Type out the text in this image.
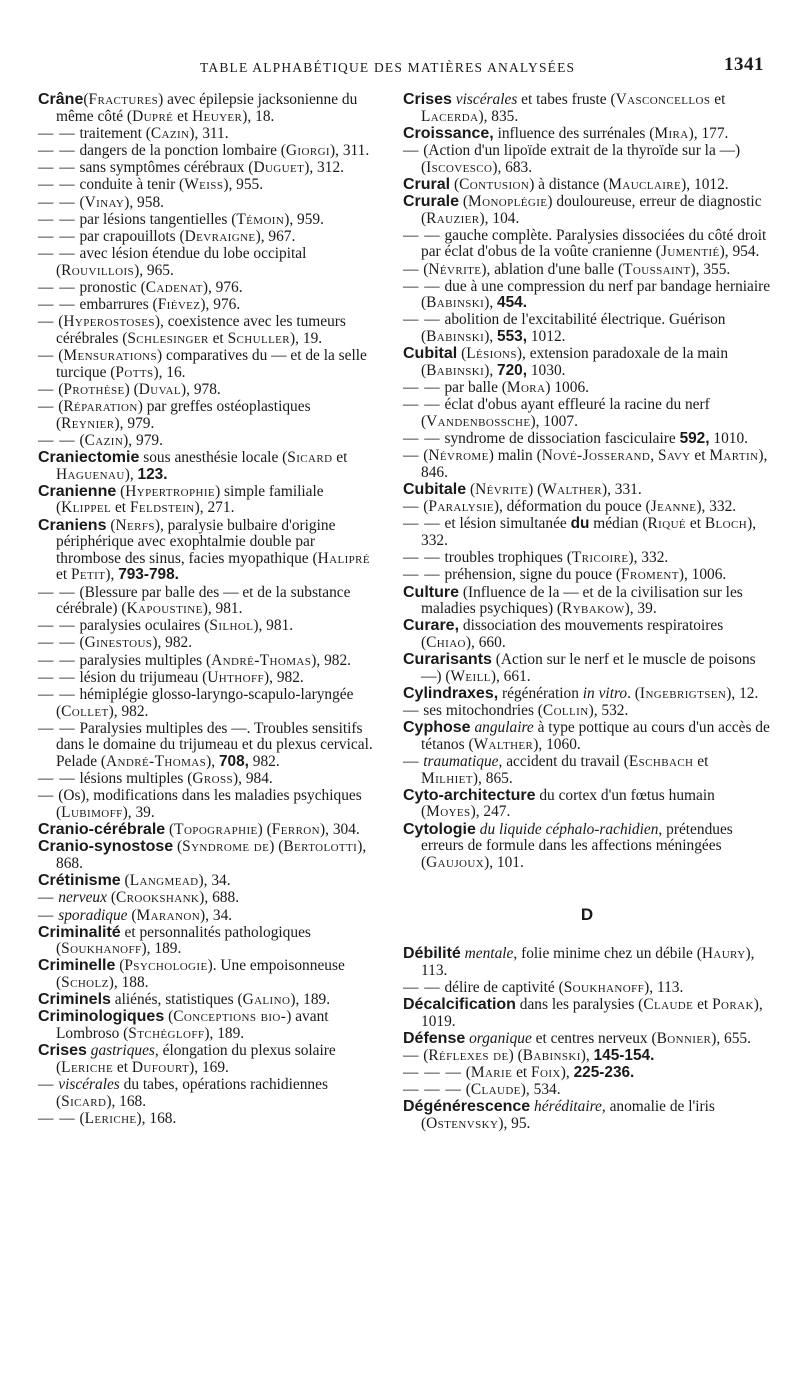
TABLE ALPHABÉTIQUE DES MATIÈRES ANALYSÉES	1341
Crâne(Fractures) avec épilepsie jacksonienne du même côté (Dupré et Heuyer), 18.
— — traitement (Cazin), 311.
— — dangers de la ponction lombaire (Giorgi), 311.
— — sans symptômes cérébraux (Duguet), 312.
— — conduite à tenir (Weiss), 955.
— — (Vinay), 958.
— — par lésions tangentielles (Témoin), 959.
— — par crapouillots (Devraigne), 967.
— — avec lésion étendue du lobe occipital (Rouvillois), 965.
— — pronostic (Cadenat), 976.
— — embarrures (Fiévez), 976.
— (Hyperostoses), coexistence avec les tumeurs cérébrales (Schlesinger et Schuller), 19.
— (Mensurations) comparatives du — et de la selle turcique (Potts), 16.
— (Prothèse) (Duval), 978.
— (Réparation) par greffes ostéoplastiques (Reynier), 979.
— — (Cazin), 979.
Craniectomie sous anesthésie locale (Sicard et Haguenau), 123.
Cranienne (Hypertrophie) simple familiale (Klippel et Feldstein), 271.
Craniens (Nerfs), paralysie bulbaire d'origine périphérique avec exophtalmie double par thrombose des sinus, facies myopathique (Halipré et Petit), 793-798.
— — (Blessure par balle des — et de la substance cérébrale) (Kapoustine), 981.
— — paralysies oculaires (Silhol), 981.
— — (Ginestous), 982.
— — paralysies multiples (André-Thomas), 982.
— — lésion du trijumeau (Uhthoff), 982.
— — hémiplégie glosso-laryngo-scapulo-laryngée (Collet), 982.
— — Paralysies multiples des —. Troubles sensitifs dans le domaine du trijumeau et du plexus cervical. Pelade (André-Thomas), 708, 982.
— — lésions multiples (Gross), 984.
— (Os), modifications dans les maladies psychiques (Lubimoff), 39.
Cranio-cérébrale (Topographie) (Ferron), 304.
Cranio-synostose (Syndrome de) (Bertolotti), 868.
Crétinisme (Langmead), 34.
— nerveux (Crookshank), 688.
— sporadique (Maranon), 34.
Criminalité et personnalités pathologiques (Soukhanoff), 189.
Criminelle (Psychologie). Une empoisonneuse (Scholz), 188.
Criminels aliénés, statistiques (Galino), 189.
Criminologiques (Conceptions bio-) avant Lombroso (Stchégloff), 189.
Crises gastriques, élongation du plexus solaire (Leriche et Dufourt), 169.
— viscérales du tabes, opérations rachidiennes (Sicard), 168.
— — (Leriche), 168.
Crises viscérales et tabes fruste (Vasconcellos et Lacerda), 835.
Croissance, influence des surrénales (Mira), 177.
— (Action d'un lipoïde extrait de la thyroïde sur la —) (Iscovesco), 683.
Crural (Contusion) à distance (Mauclaire), 1012.
Crurale (Monoplégie) douloureuse, erreur de diagnostic (Rauzier), 104.
— — gauche complète. Paralysies dissociées du côté droit par éclat d'obus de la voûte cranienne (Jumentié), 954.
— (Névrite), ablation d'une balle (Toussaint), 355.
— — due à une compression du nerf par bandage herniaire (Babinski), 454.
— — abolition de l'excitabilité électrique. Guérison (Babinski), 553, 1012.
Cubital (Lésions), extension paradoxale de la main (Babinski), 720, 1030.
— — par balle (Mora) 1006.
— — éclat d'obus ayant effleuré la racine du nerf (Vandenbossche), 1007.
— — syndrome de dissociation fasciculaire 592, 1010.
— (Névrome) malin (Nové-Josserand, Savy et Martin), 846.
Cubitale (Névrite) (Walther), 331.
— (Paralysie), déformation du pouce (Jeanne), 332.
— — et lésion simultanée du médian (Riqué et Bloch), 332.
— — troubles trophiques (Tricoire), 332.
— — préhension, signe du pouce (Froment), 1006.
Culture (Influence de la — et de la civilisation sur les maladies psychiques) (Rybakow), 39.
Curare, dissociation des mouvements respiratoires (Chiao), 660.
Curarisants (Action sur le nerf et le muscle de poisons —) (Weill), 661.
Cylindraxes, régénération in vitro. (Ingebrigtsen), 12.
— ses mitochondries (Collin), 532.
Cyphose angulaire à type pottique au cours d'un accès de tétanos (Walther), 1060.
— traumatique, accident du travail (Eschbach et Milhiet), 865.
Cyto-architecture du cortex d'un fœtus humain (Moyes), 247.
Cytologie du liquide céphalo-rachidien, prétendues erreurs de formule dans les affections méningées (Gaujoux), 101.
D
Débilité mentale, folie minime chez un débile (Haury), 113.
— — délire de captivité (Soukhanoff), 113.
Décalcification dans les paralysies (Claude et Porak), 1019.
Défense organique et centres nerveux (Bonnier), 655.
— (Réflexes de) (Babinski), 145-154.
— — — (Marie et Foix), 225-236.
— — — (Claude), 534.
Dégénérescence héréditaire, anomalie de l'iris (Ostenvsky), 95.
